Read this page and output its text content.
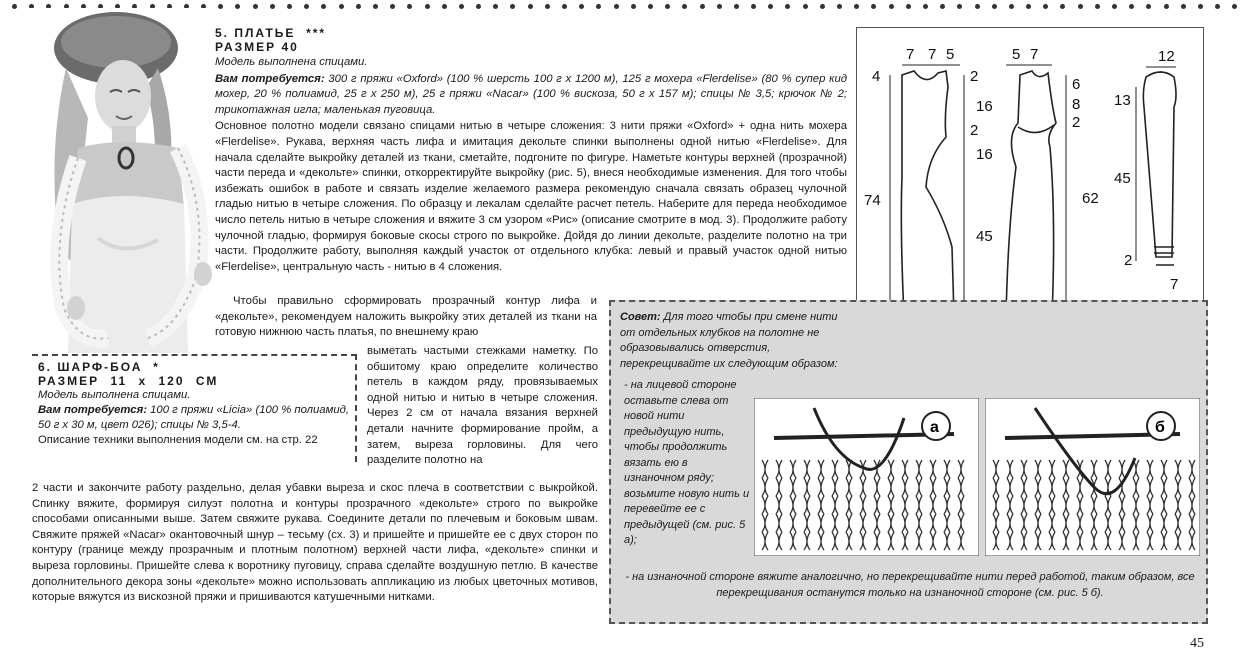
5. ПЛАТЬЕ ***
РАЗМЕР 40
Модель выполнена спицами.
Вам потребуется: 300 г пряжи «Oxford» (100 % шерсть 100 г x 1200 м), 125 г мохера «Flerdelise» (80 % супер кид мохер, 20 % полиамид, 25 г x 250 м), 25 г пряжи «Nacar» (100 % вискоза, 50 г x 157 м); спицы № 3,5; крючок № 2; трикотажная игла; маленькая пуговица.
Основное полотно модели связано спицами нитью в четыре сложения: 3 нити пряжи «Oxford» + одна нить мохера «Flerdelise». Рукава, верхняя часть лифа и имитация декольте спинки выполнены одной нитью «Flerdelise». Для начала сделайте выкройку деталей из ткани, сметайте, подгоните по фигуре. Наметьте контуры верхней (прозрачной) части переда и «декольте» спинки, откорректируйте выкройку (рис. 5), внеся необходимые изменения. Для того чтобы избежать ошибок в работе и связать изделие желаемого размера рекомендую сначала связать образец чулочной гладью нитью в четыре сложения. По образцу и лекалам сделайте расчет петель. Наберите для переда необходимое число петель нитью в четыре сложения и вяжите 3 см узором «Рис» (описание смотрите в мод. 3). Продолжите работу чулочной гладью, формируя боковые скосы строго по выкройке. Дойдя до линии декольте, разделите полотно на три части. Продолжите работу, выполняя каждый участок от отдельного клубка: левый и правый участок одной нитью «Flerdelise», центральную часть - нитью в 4 сложения.
Чтобы правильно сформировать прозрачный контур лифа и «декольте», рекомендуем наложить выкройку этих деталей из ткани на готовую нижнюю часть платья, по внешнему краю
выметать частыми стежками наметку. По обшитому краю определите количество петель в каждом ряду, провязываемых одной нитью и нитью в четыре сложения. Через 2 см от начала вязания верхней детали начните формирование пройм, а затем, выреза горловины. Для чего разделите полотно на
2 части и закончите работу раздельно, делая убавки выреза и скос плеча в соответствии с выкройкой. Спинку вяжите, формируя силуэт полотна и контуры прозрачного «декольте» строго по выкройке способами описанными выше. Затем свяжите рукава. Соедините детали по плечевым и боковым швам. Свяжите пряжей «Nacar» окантовочный шнур – тесьму (сх. 3) и пришейте и пришейте ее с двух сторон по контуру (границе между прозрачным и плотным полотном) верхней части лифа, «декольте» спинки и выреза горловины. Пришейте слева к воротнику пуговицу, справа сделайте воздушную петлю. В качестве дополнительного декора зоны «декольте» можно использовать аппликацию из любых цветочных мотивов, которые вяжутся из вискозной пряжи и пришиваются катушечными нитками.
6. ШАРФ-БОА *
РАЗМЕР 11 x 120 СМ
Модель выполнена спицами.
Вам потребуется: 100 г пряжи «Licia» (100 % полиамид, 50 г x 30 м, цвет 026); спицы № 3,5-4.
Описание техники выполнения модели см. на стр. 22
7 7 5
4
74
2
16
2
16
45
5 7
6
8
2
62
12
13
45
2
7
Совет: Для того чтобы при смене нити от отдельных клубков на полотне не образовывались отверстия, перекрещивайте их следующим образом:
- на лицевой стороне оставьте слева от новой нити предыдущую нить, чтобы продолжить вязать ею в изнаночном ряду; возьмите новую нить и перевейте ее с предыдущей (см. рис. 5 а);
а	б
- на изнаночной стороне вяжите аналогично, но перекрещивайте нити перед работой, таким образом, все перекрещивания останутся только на изнаночной стороне (см. рис. 5 б).
45
